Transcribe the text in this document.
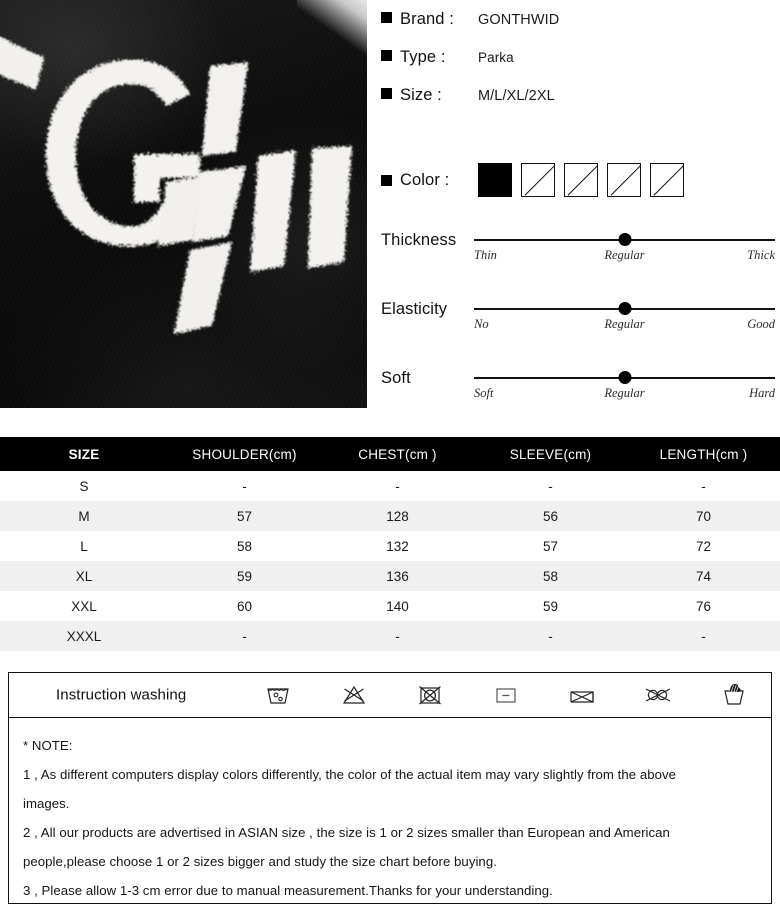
Brand :	GONTHWID
Type :	Parka
Size :	M/L/XL/2XL
Color :
Thickness
Thin	Regular	Thick
Elasticity
No	Regular	Good
Soft
Soft	Regular	Hard
SIZE	SHOULDER(cm)	CHEST(cm )	SLEEVE(cm)	LENGTH(cm )
S	-	-	-	-
M	57	128	56	70
L	58	132	57	72
XL	59	136	58	74
XXL	60	140	59	76
XXXL	-	-	-	-
Instruction washing
* NOTE:
1 , As different computers display colors differently, the color of the actual item may vary slightly from the above
images.
2 , All our products are advertised in ASIAN size , the size is 1 or 2 sizes smaller than European and American
people,please choose 1 or 2 sizes bigger and study the size chart before buying.
3 , Please allow 1-3 cm error due to manual measurement.Thanks for your understanding.
